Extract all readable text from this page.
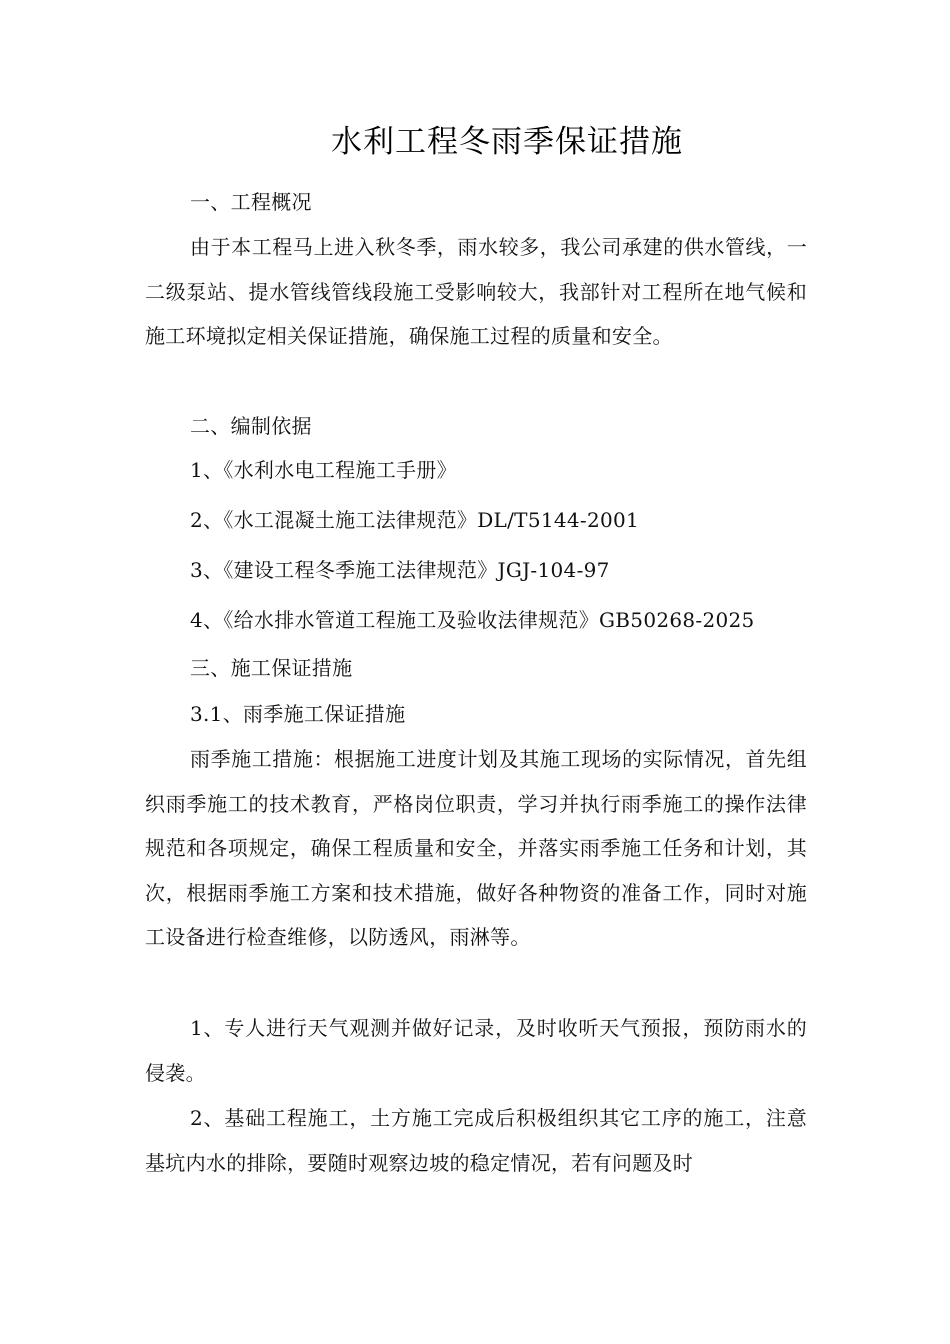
水利工程冬雨季保证措施
一、工程概况
由于本工程马上进入秋冬季，雨水较多，我公司承建的供水管线，一二级泵站、提水管线管线段施工受影响较大，我部针对工程所在地气候和施工环境拟定相关保证措施，确保施工过程的质量和安全。
二、编制依据
1、《水利水电工程施工手册》
2、《水工混凝土施工法律规范》DL/T5144-2001
3、《建设工程冬季施工法律规范》JGJ-104-97
4、《给水排水管道工程施工及验收法律规范》GB50268-2025
三、施工保证措施
3.1、雨季施工保证措施
雨季施工措施：根据施工进度计划及其施工现场的实际情况，首先组织雨季施工的技术教育，严格岗位职责，学习并执行雨季施工的操作法律规范和各项规定，确保工程质量和安全，并落实雨季施工任务和计划，其次，根据雨季施工方案和技术措施，做好各种物资的准备工作，同时对施工设备进行检查维修，以防透风，雨淋等。
1、专人进行天气观测并做好记录，及时收听天气预报，预防雨水的侵袭。
2、基础工程施工，土方施工完成后积极组织其它工序的施工，注意基坑内水的排除，要随时观察边坡的稳定情况，若有问题及时
